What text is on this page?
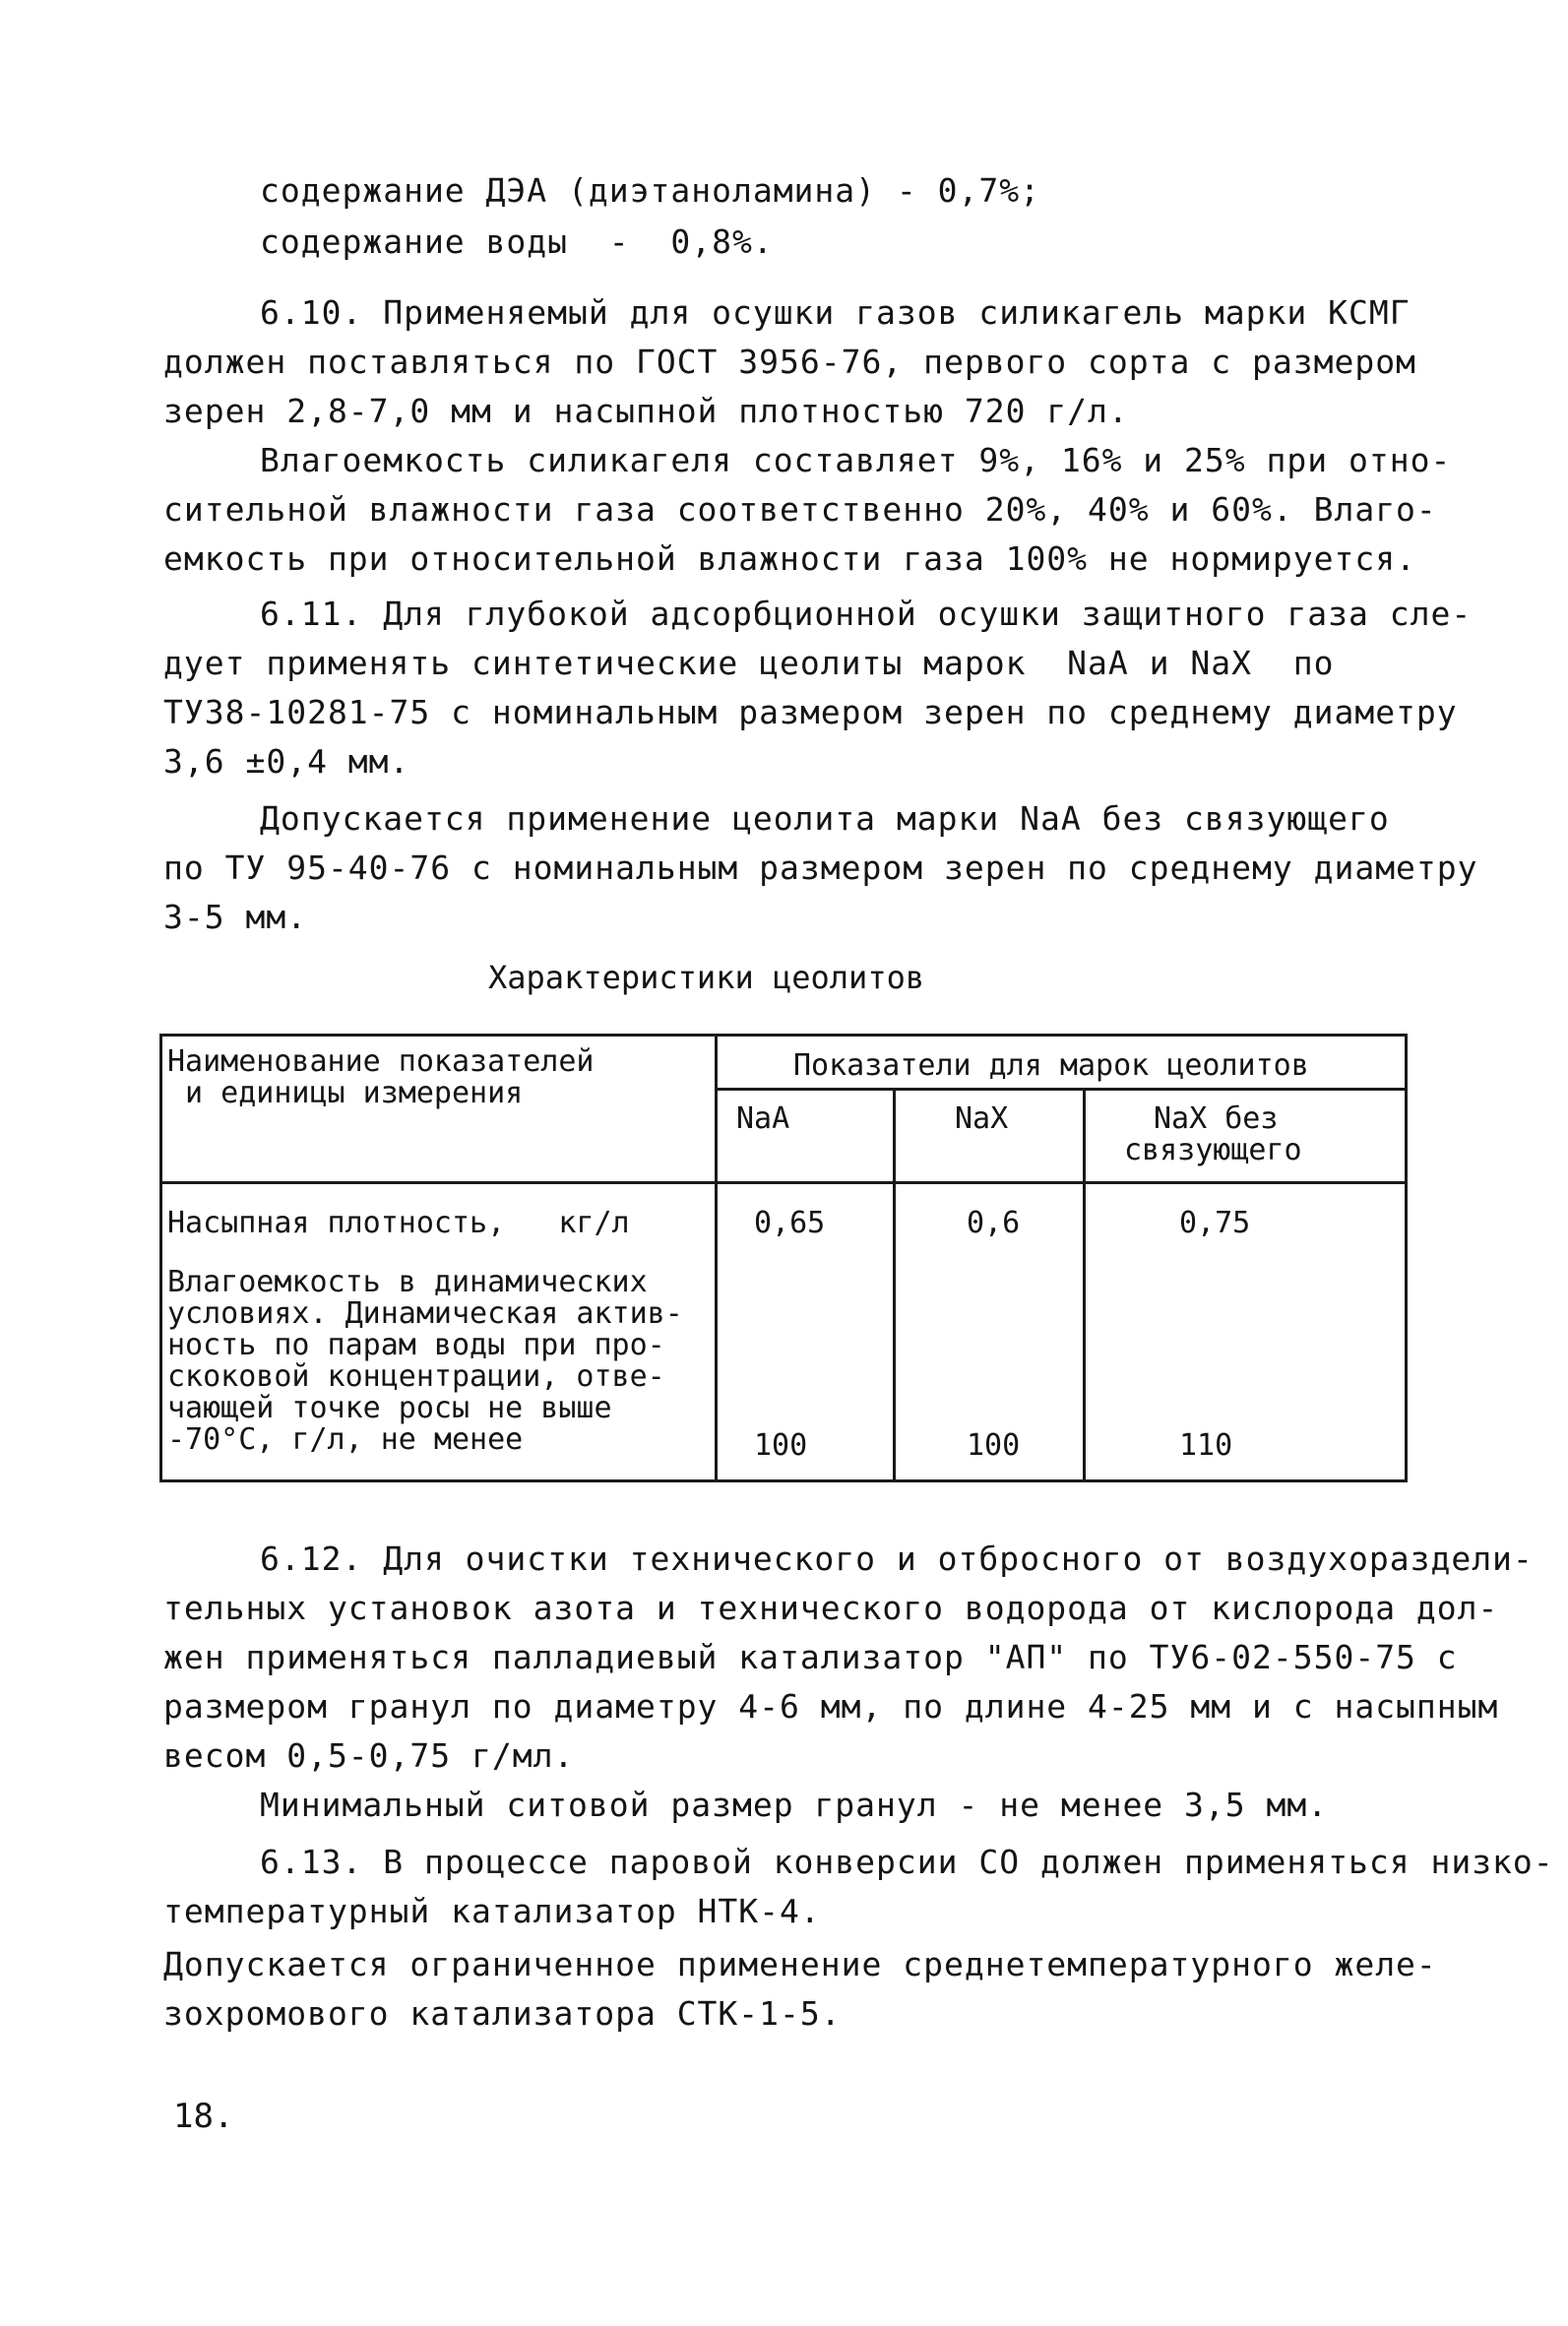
содержание ДЭА (диэтаноламина) - 0,7%;
содержание воды  -  0,8%.
6.10. Применяемый для осушки газов силикагель марки КСМГ
должен поставляться по ГОСТ 3956-76, первого сорта с размером
зерен 2,8-7,0 мм и насыпной плотностью 720 г/л.
Влагоемкость силикагеля составляет 9%, 16% и 25% при отно-
сительной влажности газа соответственно 20%, 40% и 60%. Влаго-
емкость при относительной влажности газа 100% не нормируется.
6.11. Для глубокой адсорбционной осушки защитного газа сле-
дует применять синтетические цеолиты марок  NaA и NaX  по
ТУ38-10281-75 с номинальным размером зерен по среднему диаметру
3,6 ±0,4 мм.
Допускается применение цеолита марки NaA без связующего
по ТУ 95-40-76 с номинальным размером зерен по среднему диаметру
3-5 мм.
Характеристики цеолитов
Наименование показателей
и единицы измерения
Показатели для марок цеолитов
NaA	NaX	NaX без
связующего
Насыпная плотность,   кг/л	0,65	0,6	0,75
Влагоемкость в динамических
условиях. Динамическая актив-
ность по парам воды при про-
скоковой концентрации, отве-
чающей точке росы не выше
-70°С, г/л, не менее	100	100	110
6.12. Для очистки технического и отбросного от воздухораздели-
тельных установок азота и технического водорода от кислорода дол-
жен применяться палладиевый катализатор "АП" по ТУ6-02-550-75 с
размером гранул по диаметру 4-6 мм, по длине 4-25 мм и с насыпным
весом 0,5-0,75 г/мл.
Минимальный ситовой размер гранул - не менее 3,5 мм.
6.13. В процессе паровой конверсии СО должен применяться низко-
температурный катализатор НТК-4.
Допускается ограниченное применение среднетемпературного желе-
зохромового катализатора СТК-1-5.
18.
